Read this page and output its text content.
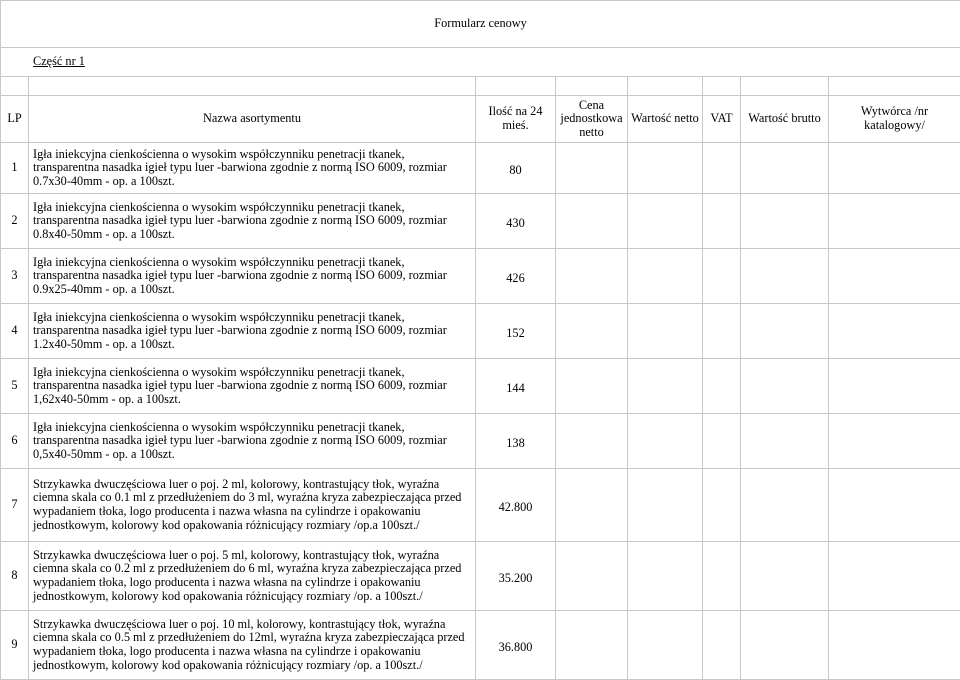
Formularz cenowy							
Część nr 1							

LP	Nazwa asortymentu	Ilość na 24 mieś.	Cena jednostkowa netto	Wartość netto	VAT	Wartość brutto	Wytwórca /nr katalogowy/
1	Igła iniekcyjna cienkościenna o wysokim współczynniku penetracji tkanek, transparentna nasadka igieł typu luer -barwiona zgodnie z normą ISO 6009, rozmiar 0.7x30-40mm - op. a 100szt.	80					
2	Igła iniekcyjna cienkościenna o wysokim współczynniku penetracji tkanek, transparentna nasadka igieł typu luer -barwiona zgodnie z normą ISO 6009, rozmiar 0.8x40-50mm - op. a 100szt.	430					
3	Igła iniekcyjna cienkościenna o wysokim współczynniku penetracji tkanek, transparentna nasadka igieł typu luer -barwiona zgodnie z normą ISO 6009, rozmiar 0.9x25-40mm - op. a 100szt.	426					
4	Igła iniekcyjna cienkościenna o wysokim współczynniku penetracji tkanek, transparentna nasadka igieł typu luer -barwiona zgodnie z normą ISO 6009, rozmiar 1.2x40-50mm - op. a 100szt.	152					
5	Igła iniekcyjna cienkościenna o wysokim współczynniku penetracji tkanek, transparentna nasadka igieł typu luer -barwiona zgodnie z normą ISO 6009, rozmiar 1,62x40-50mm - op. a 100szt.	144					
6	Igła iniekcyjna cienkościenna o wysokim współczynniku penetracji tkanek, transparentna nasadka igieł typu luer -barwiona zgodnie z normą ISO 6009, rozmiar 0,5x40-50mm - op. a 100szt.	138					
7	Strzykawka dwuczęściowa luer o poj. 2 ml, kolorowy, kontrastujący tłok, wyraźna ciemna skala co 0.1 ml z przedłużeniem do 3 ml, wyraźna kryza zabezpieczająca przed wypadaniem tłoka, logo producenta i nazwa własna na cylindrze i opakowaniu jednostkowym, kolorowy kod opakowania różnicujący rozmiary /op.a 100szt./	42.800					
8	Strzykawka dwuczęściowa luer o poj. 5 ml, kolorowy, kontrastujący tłok, wyraźna ciemna skala co 0.2 ml z przedłużeniem do 6 ml, wyraźna kryza zabezpieczająca przed wypadaniem tłoka, logo producenta i nazwa własna na cylindrze i opakowaniu jednostkowym, kolorowy kod opakowania różnicujący rozmiary /op. a 100szt./	35.200					
9	Strzykawka dwuczęściowa luer o poj. 10 ml, kolorowy, kontrastujący tłok, wyraźna ciemna skala co 0.5 ml z przedłużeniem do 12ml, wyraźna kryza zabezpieczająca przed wypadaniem tłoka, logo producenta i nazwa własna na cylindrze i opakowaniu jednostkowym, kolorowy kod opakowania różnicujący rozmiary /op. a 100szt./	36.800					
